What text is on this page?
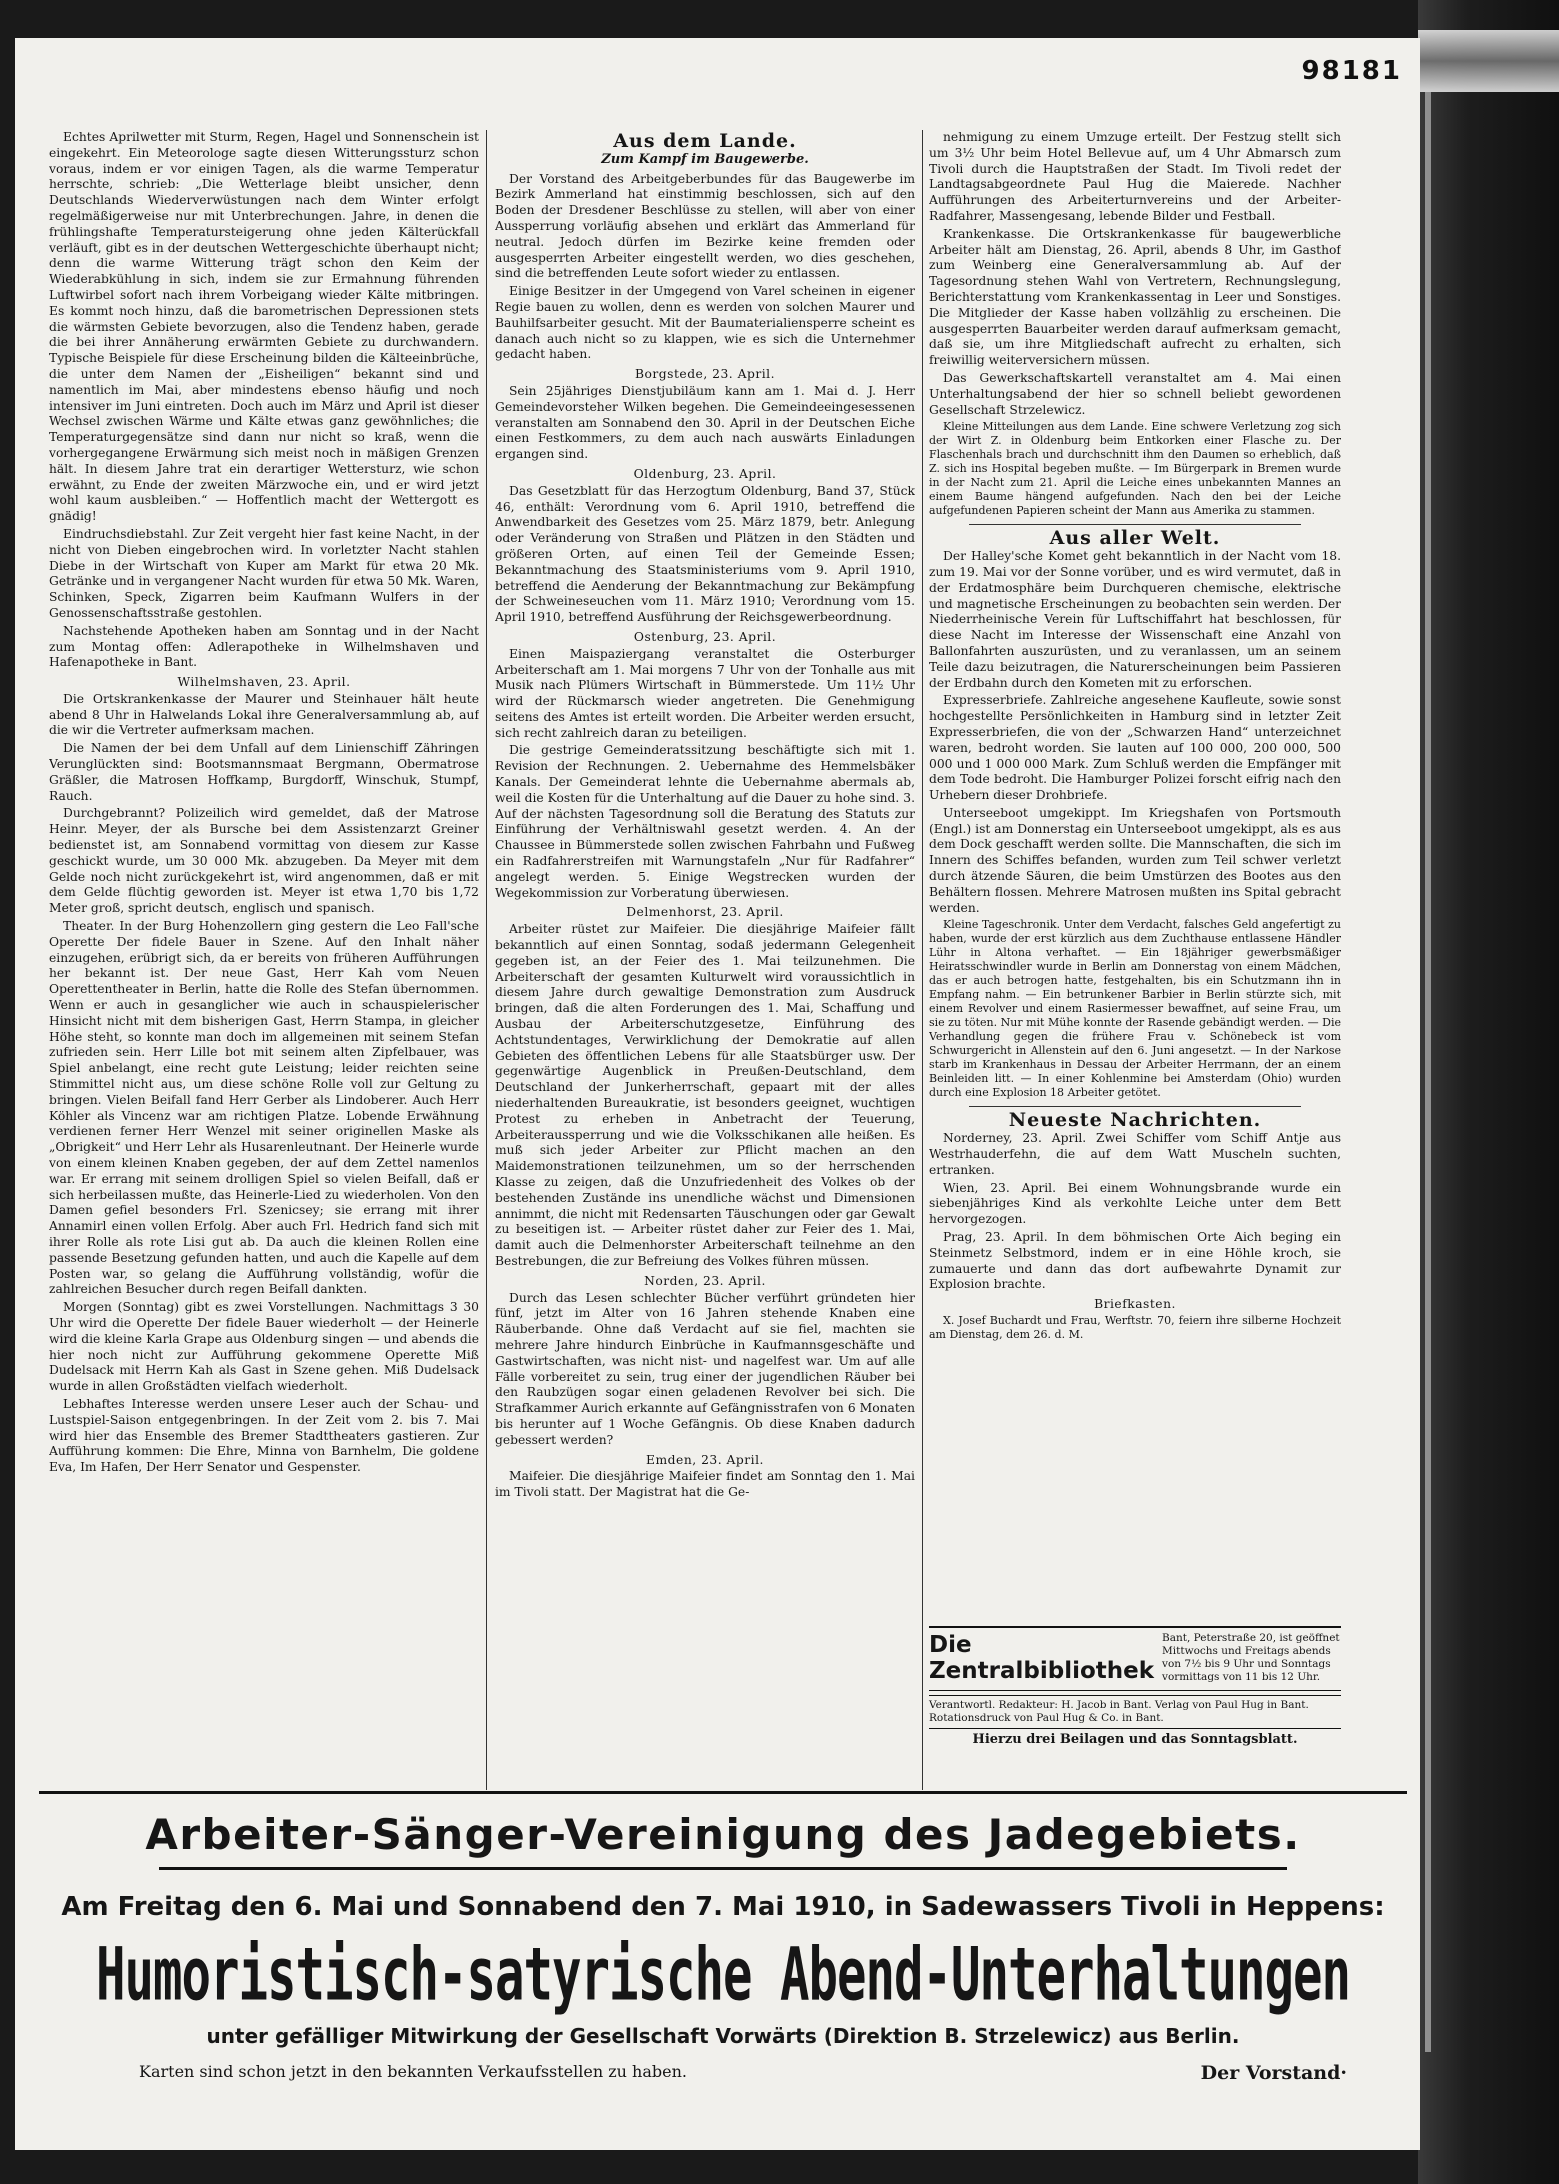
98181

Echtes Aprilwetter mit Sturm, Regen, Hagel und Sonnenschein ist eingekehrt. Ein Meteorologe sagte diesen Witterungssturz schon voraus, indem er vor einigen Tagen, als die warme Temperatur herrschte, schrieb: „Die Wetterlage bleibt unsicher, denn Deutschlands Wiederverwüstungen nach dem Winter erfolgt regelmäßigerweise nur mit Unterbrechungen. Jahre, in denen die frühlingshafte Temperatursteigerung ohne jeden Kälterückfall verläuft, gibt es in der deutschen Wettergeschichte überhaupt nicht; denn die warme Witterung trägt schon den Keim der Wiederabkühlung in sich, indem sie zur Ermahnung führenden Luftwirbel sofort nach ihrem Vorbeigang wieder Kälte mitbringen. Es kommt noch hinzu, daß die barometrischen Depressionen stets die wärmsten Gebiete bevorzugen, also die Tendenz haben, gerade die bei ihrer Annäherung erwärmten Gebiete zu durchwandern. Typische Beispiele für diese Erscheinung bilden die Kälteeinbrüche, die unter dem Namen der „Eisheiligen“ bekannt sind und namentlich im Mai, aber mindestens ebenso häufig und noch intensiver im Juni eintreten. Doch auch im März und April ist dieser Wechsel zwischen Wärme und Kälte etwas ganz gewöhnliches; die Temperaturgegensätze sind dann nur nicht so kraß, wenn die vorhergegangene Erwärmung sich meist noch in mäßigen Grenzen hält. In diesem Jahre trat ein derartiger Wettersturz, wie schon erwähnt, zu Ende der zweiten Märzwoche ein, und er wird jetzt wohl kaum ausbleiben.“ — Hoffentlich macht der Wettergott es gnädig!

Eindruchsdiebstahl. Zur Zeit vergeht hier fast keine Nacht, in der nicht von Dieben eingebrochen wird. In vorletzter Nacht stahlen Diebe in der Wirtschaft von Kuper am Markt für etwa 20 Mk. Getränke und in vergangener Nacht wurden für etwa 50 Mk. Waren, Schinken, Speck, Zigarren beim Kaufmann Wulfers in der Genossenschaftsstraße gestohlen.

Nachstehende Apotheken haben am Sonntag und in der Nacht zum Montag offen: Adlerapotheke in Wilhelmshaven und Hafenapotheke in Bant.

Wilhelmshaven, 23. April.

Die Ortskrankenkasse der Maurer und Steinhauer hält heute abend 8 Uhr in Halwelands Lokal ihre Generalversammlung ab, auf die wir die Vertreter aufmerksam machen.

Die Namen der bei dem Unfall auf dem Linienschiff Zähringen Verunglückten sind: Bootsmannsmaat Bergmann, Obermatrose Gräßler, die Matrosen Hoffkamp, Burgdorff, Winschuk, Stumpf, Rauch.

Durchgebrannt? Polizeilich wird gemeldet, daß der Matrose Heinr. Meyer, der als Bursche bei dem Assistenzarzt Greiner bedienstet ist, am Sonnabend vormittag von diesem zur Kasse geschickt wurde, um 30 000 Mk. abzugeben. Da Meyer mit dem Gelde noch nicht zurückgekehrt ist, wird angenommen, daß er mit dem Gelde flüchtig geworden ist. Meyer ist etwa 1,70 bis 1,72 Meter groß, spricht deutsch, englisch und spanisch.

Theater. In der Burg Hohenzollern ging gestern die Leo Fall'sche Operette Der fidele Bauer in Szene. Auf den Inhalt näher einzugehen, erübrigt sich, da er bereits von früheren Aufführungen her bekannt ist. Der neue Gast, Herr Kah vom Neuen Operettentheater in Berlin, hatte die Rolle des Stefan übernommen. Wenn er auch in gesanglicher wie auch in schauspielerischer Hinsicht nicht mit dem bisherigen Gast, Herrn Stampa, in gleicher Höhe steht, so konnte man doch im allgemeinen mit seinem Stefan zufrieden sein. Herr Lille bot mit seinem alten Zipfelbauer, was Spiel anbelangt, eine recht gute Leistung; leider reichten seine Stimmittel nicht aus, um diese schöne Rolle voll zur Geltung zu bringen. Vielen Beifall fand Herr Gerber als Lindoberer. Auch Herr Köhler als Vincenz war am richtigen Platze. Lobende Erwähnung verdienen ferner Herr Wenzel mit seiner originellen Maske als „Obrigkeit“ und Herr Lehr als Husarenleutnant. Der Heinerle wurde von einem kleinen Knaben gegeben, der auf dem Zettel namenlos war. Er errang mit seinem drolligen Spiel so vielen Beifall, daß er sich herbeilassen mußte, das Heinerle-Lied zu wiederholen. Von den Damen gefiel besonders Frl. Szenicsey; sie errang mit ihrer Annamirl einen vollen Erfolg. Aber auch Frl. Hedrich fand sich mit ihrer Rolle als rote Lisi gut ab. Da auch die kleinen Rollen eine passende Besetzung gefunden hatten, und auch die Kapelle auf dem Posten war, so gelang die Aufführung vollständig, wofür die zahlreichen Besucher durch regen Beifall dankten.

Morgen (Sonntag) gibt es zwei Vorstellungen. Nachmittags 3 30 Uhr wird die Operette Der fidele Bauer wiederholt — der Heinerle wird die kleine Karla Grape aus Oldenburg singen — und abends die hier noch nicht zur Aufführung gekommene Operette Miß Dudelsack mit Herrn Kah als Gast in Szene gehen. Miß Dudelsack wurde in allen Großstädten vielfach wiederholt.

Lebhaftes Interesse werden unsere Leser auch der Schau- und Lustspiel-Saison entgegenbringen. In der Zeit vom 2. bis 7. Mai wird hier das Ensemble des Bremer Stadttheaters gastieren. Zur Aufführung kommen: Die Ehre, Minna von Barnhelm, Die goldene Eva, Im Hafen, Der Herr Senator und Gespenster.

Aus dem Lande.
Zum Kampf im Baugewerbe.

Der Vorstand des Arbeitgeberbundes für das Baugewerbe im Bezirk Ammerland hat einstimmig beschlossen, sich auf den Boden der Dresdener Beschlüsse zu stellen, will aber von einer Aussperrung vorläufig absehen und erklärt das Ammerland für neutral. Jedoch dürfen im Bezirke keine fremden oder ausgesperrten Arbeiter eingestellt werden, wo dies geschehen, sind die betreffenden Leute sofort wieder zu entlassen.

Einige Besitzer in der Umgegend von Varel scheinen in eigener Regie bauen zu wollen, denn es werden von solchen Maurer und Bauhilfsarbeiter gesucht. Mit der Baumaterialiensperre scheint es danach auch nicht so zu klappen, wie es sich die Unternehmer gedacht haben.

Borgstede, 23. April.

Sein 25jähriges Dienstjubiläum kann am 1. Mai d. J. Herr Gemeindevorsteher Wilken begehen. Die Gemeindeeingesessenen veranstalten am Sonnabend den 30. April in der Deutschen Eiche einen Festkommers, zu dem auch nach auswärts Einladungen ergangen sind.

Oldenburg, 23. April.

Das Gesetzblatt für das Herzogtum Oldenburg, Band 37, Stück 46, enthält: Verordnung vom 6. April 1910, betreffend die Anwendbarkeit des Gesetzes vom 25. März 1879, betr. Anlegung oder Veränderung von Straßen und Plätzen in den Städten und größeren Orten, auf einen Teil der Gemeinde Essen; Bekanntmachung des Staatsministeriums vom 9. April 1910, betreffend die Aenderung der Bekanntmachung zur Bekämpfung der Schweineseuchen vom 11. März 1910; Verordnung vom 15. April 1910, betreffend Ausführung der Reichsgewerbeordnung.

Ostenburg, 23. April.

Einen Maispaziergang veranstaltet die Osterburger Arbeiterschaft am 1. Mai morgens 7 Uhr von der Tonhalle aus mit Musik nach Plümers Wirtschaft in Bümmerstede. Um 11½ Uhr wird der Rückmarsch wieder angetreten. Die Genehmigung seitens des Amtes ist erteilt worden. Die Arbeiter werden ersucht, sich recht zahlreich daran zu beteiligen.

Die gestrige Gemeinderatssitzung beschäftigte sich mit 1. Revision der Rechnungen. 2. Uebernahme des Hemmelsbäker Kanals. Der Gemeinderat lehnte die Uebernahme abermals ab, weil die Kosten für die Unterhaltung auf die Dauer zu hohe sind. 3. Auf der nächsten Tagesordnung soll die Beratung des Statuts zur Einführung der Verhältniswahl gesetzt werden. 4. An der Chaussee in Bümmerstede sollen zwischen Fahrbahn und Fußweg ein Radfahrerstreifen mit Warnungstafeln „Nur für Radfahrer“ angelegt werden. 5. Einige Wegstrecken wurden der Wegekommission zur Vorberatung überwiesen.

Delmenhorst, 23. April.

Arbeiter rüstet zur Maifeier. Die diesjährige Maifeier fällt bekanntlich auf einen Sonntag, sodaß jedermann Gelegenheit gegeben ist, an der Feier des 1. Mai teilzunehmen. Die Arbeiterschaft der gesamten Kulturwelt wird voraussichtlich in diesem Jahre durch gewaltige Demonstration zum Ausdruck bringen, daß die alten Forderungen des 1. Mai, Schaffung und Ausbau der Arbeiterschutzgesetze, Einführung des Achtstundentages, Verwirklichung der Demokratie auf allen Gebieten des öffentlichen Lebens für alle Staatsbürger usw. Der gegenwärtige Augenblick in Preußen-Deutschland, dem Deutschland der Junkerherrschaft, gepaart mit der alles niederhaltenden Bureaukratie, ist besonders geeignet, wuchtigen Protest zu erheben in Anbetracht der Teuerung, Arbeiteraussperrung und wie die Volksschikanen alle heißen. Es muß sich jeder Arbeiter zur Pflicht machen an den Maidemonstrationen teilzunehmen, um so der herrschenden Klasse zu zeigen, daß die Unzufriedenheit des Volkes ob der bestehenden Zustände ins unendliche wächst und Dimensionen annimmt, die nicht mit Redensarten Täuschungen oder gar Gewalt zu beseitigen ist. — Arbeiter rüstet daher zur Feier des 1. Mai, damit auch die Delmenhorster Arbeiterschaft teilnehme an den Bestrebungen, die zur Befreiung des Volkes führen müssen.

Norden, 23. April.

Durch das Lesen schlechter Bücher verführt gründeten hier fünf, jetzt im Alter von 16 Jahren stehende Knaben eine Räuberbande. Ohne daß Verdacht auf sie fiel, machten sie mehrere Jahre hindurch Einbrüche in Kaufmannsgeschäfte und Gastwirtschaften, was nicht nist- und nagelfest war. Um auf alle Fälle vorbereitet zu sein, trug einer der jugendlichen Räuber bei den Raubzügen sogar einen geladenen Revolver bei sich. Die Strafkammer Aurich erkannte auf Gefängnisstrafen von 6 Monaten bis herunter auf 1 Woche Gefängnis. Ob diese Knaben dadurch gebessert werden?

Emden, 23. April.

Maifeier. Die diesjährige Maifeier findet am Sonntag den 1. Mai im Tivoli statt. Der Magistrat hat die Ge-

nehmigung zu einem Umzuge erteilt. Der Festzug stellt sich um 3½ Uhr beim Hotel Bellevue auf, um 4 Uhr Abmarsch zum Tivoli durch die Hauptstraßen der Stadt. Im Tivoli redet der Landtagsabgeordnete Paul Hug die Maierede. Nachher Aufführungen des Arbeiterturnvereins und der Arbeiter-Radfahrer, Massengesang, lebende Bilder und Festball.

Krankenkasse. Die Ortskrankenkasse für baugewerbliche Arbeiter hält am Dienstag, 26. April, abends 8 Uhr, im Gasthof zum Weinberg eine Generalversammlung ab. Auf der Tagesordnung stehen Wahl von Vertretern, Rechnungslegung, Berichterstattung vom Krankenkassentag in Leer und Sonstiges. Die Mitglieder der Kasse haben vollzählig zu erscheinen. Die ausgesperrten Bauarbeiter werden darauf aufmerksam gemacht, daß sie, um ihre Mitgliedschaft aufrecht zu erhalten, sich freiwillig weiterversichern müssen.

Das Gewerkschaftskartell veranstaltet am 4. Mai einen Unterhaltungsabend der hier so schnell beliebt gewordenen Gesellschaft Strzelewicz.

Kleine Mitteilungen aus dem Lande. Eine schwere Verletzung zog sich der Wirt Z. in Oldenburg beim Entkorken einer Flasche zu. Der Flaschenhals brach und durchschnitt ihm den Daumen so erheblich, daß Z. sich ins Hospital begeben mußte. — Im Bürgerpark in Bremen wurde in der Nacht zum 21. April die Leiche eines unbekannten Mannes an einem Baume hängend aufgefunden. Nach den bei der Leiche aufgefundenen Papieren scheint der Mann aus Amerika zu stammen.

Aus aller Welt.

Der Halley'sche Komet geht bekanntlich in der Nacht vom 18. zum 19. Mai vor der Sonne vorüber, und es wird vermutet, daß in der Erdatmosphäre beim Durchqueren chemische, elektrische und magnetische Erscheinungen zu beobachten sein werden. Der Niederrheinische Verein für Luftschiffahrt hat beschlossen, für diese Nacht im Interesse der Wissenschaft eine Anzahl von Ballonfahrten auszurüsten, und zu veranlassen, um an seinem Teile dazu beizutragen, die Naturerscheinungen beim Passieren der Erdbahn durch den Kometen mit zu erforschen.

Expresserbriefe. Zahlreiche angesehene Kaufleute, sowie sonst hochgestellte Persönlichkeiten in Hamburg sind in letzter Zeit Expresserbriefen, die von der „Schwarzen Hand“ unterzeichnet waren, bedroht worden. Sie lauten auf 100 000, 200 000, 500 000 und 1 000 000 Mark. Zum Schluß werden die Empfänger mit dem Tode bedroht. Die Hamburger Polizei forscht eifrig nach den Urhebern dieser Drohbriefe.

Unterseeboot umgekippt. Im Kriegshafen von Portsmouth (Engl.) ist am Donnerstag ein Unterseeboot umgekippt, als es aus dem Dock geschafft werden sollte. Die Mannschaften, die sich im Innern des Schiffes befanden, wurden zum Teil schwer verletzt durch ätzende Säuren, die beim Umstürzen des Bootes aus den Behältern flossen. Mehrere Matrosen mußten ins Spital gebracht werden.

Kleine Tageschronik. Unter dem Verdacht, falsches Geld angefertigt zu haben, wurde der erst kürzlich aus dem Zuchthause entlassene Händler Lühr in Altona verhaftet. — Ein 18jähriger gewerbsmäßiger Heiratsschwindler wurde in Berlin am Donnerstag von einem Mädchen, das er auch betrogen hatte, festgehalten, bis ein Schutzmann ihn in Empfang nahm. — Ein betrunkener Barbier in Berlin stürzte sich, mit einem Revolver und einem Rasiermesser bewaffnet, auf seine Frau, um sie zu töten. Nur mit Mühe konnte der Rasende gebändigt werden. — Die Verhandlung gegen die frühere Frau v. Schönebeck ist vom Schwurgericht in Allenstein auf den 6. Juni angesetzt. — In der Narkose starb im Krankenhaus in Dessau der Arbeiter Herrmann, der an einem Beinleiden litt. — In einer Kohlenmine bei Amsterdam (Ohio) wurden durch eine Explosion 18 Arbeiter getötet.

Neueste Nachrichten.

Norderney, 23. April. Zwei Schiffer vom Schiff Antje aus Westrhauderfehn, die auf dem Watt Muscheln suchten, ertranken.

Wien, 23. April. Bei einem Wohnungsbrande wurde ein siebenjähriges Kind als verkohlte Leiche unter dem Bett hervorgezogen.

Prag, 23. April. In dem böhmischen Orte Aich beging ein Steinmetz Selbstmord, indem er in eine Höhle kroch, sie zumauerte und dann das dort aufbewahrte Dynamit zur Explosion brachte.

Briefkasten.

X. Josef Buchardt und Frau, Werftstr. 70, feiern ihre silberne Hochzeit am Dienstag, dem 26. d. M.

Die Zentralbibliothek
Bant, Peterstraße 20, ist geöffnet Mittwochs und Freitags abends von 7½ bis 9 Uhr und Sonntags vormittags von 11 bis 12 Uhr.
Verantwortl. Redakteur: H. Jacob in Bant. Verlag von Paul Hug in Bant. Rotationsdruck von Paul Hug & Co. in Bant.
Hierzu drei Beilagen und das Sonntagsblatt.
Arbeiter-Sänger-Vereinigung des Jadegebiets.
Am Freitag den 6. Mai und Sonnabend den 7. Mai 1910, in Sadewassers Tivoli in Heppens:
Humoristisch-satyrische Abend-Unterhaltungen
unter gefälliger Mitwirkung der Gesellschaft Vorwärts (Direktion B. Strzelewicz) aus Berlin.
Karten sind schon jetzt in den bekannten Verkaufsstellen zu haben.	Der Vorstand·
